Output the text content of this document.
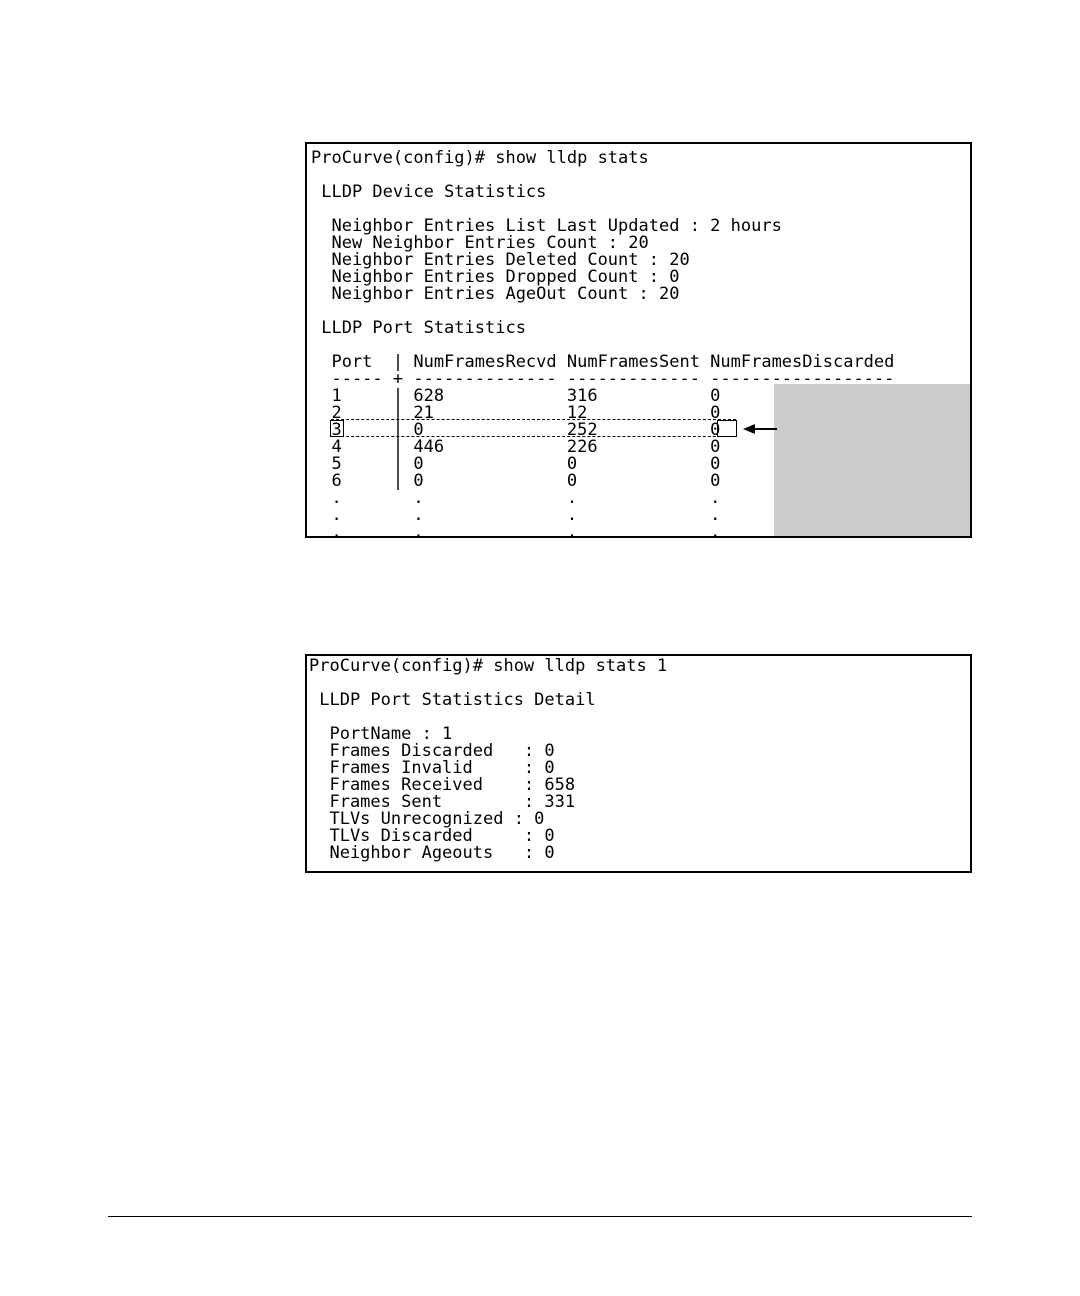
ProCurve(config)# show lldp stats
LLDP Device Statistics
Neighbor Entries List Last Updated : 2 hours
New Neighbor Entries Count : 20
Neighbor Entries Deleted Count : 20
Neighbor Entries Dropped Count : 0
Neighbor Entries AgeOut Count : 20
LLDP Port Statistics
Port  | NumFramesRecvd NumFramesSent NumFramesDiscarded
----- + -------------- ------------- ------------------
1     | 628            316           0
2     | 21             12            0
3     | 0              252           0
4     | 446            226           0
5     | 0              0             0
6     | 0              0             0
.       .              .             .
.       .              .             .
.       .              .             .
ProCurve(config)# show lldp stats 1
LLDP Port Statistics Detail
PortName : 1
Frames Discarded   : 0
Frames Invalid     : 0
Frames Received    : 658
Frames Sent        : 331
TLVs Unrecognized : 0
TLVs Discarded     : 0
Neighbor Ageouts   : 0
